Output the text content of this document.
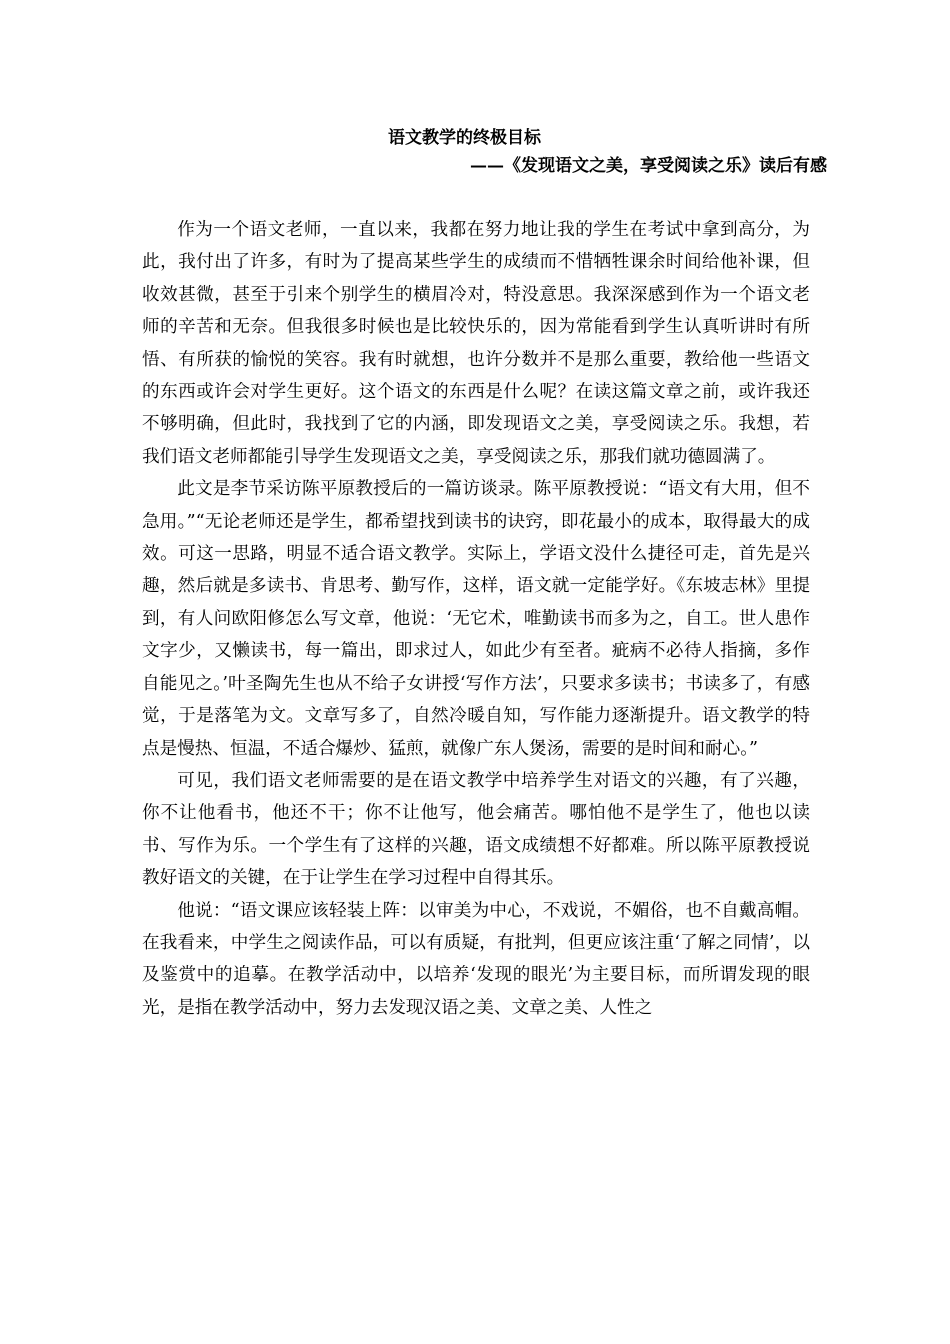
语文教学的终极目标
——《发现语文之美，享受阅读之乐》读后有感

作为一个语文老师，一直以来，我都在努力地让我的学生在考试中拿到高分，为此，我付出了许多，有时为了提高某些学生的成绩而不惜牺牲课余时间给他补课，但收效甚微，甚至于引来个别学生的横眉冷对，特没意思。我深深感到作为一个语文老师的辛苦和无奈。但我很多时候也是比较快乐的，因为常能看到学生认真听讲时有所悟、有所获的愉悦的笑容。我有时就想，也许分数并不是那么重要，教给他一些语文的东西或许会对学生更好。这个语文的东西是什么呢？在读这篇文章之前，或许我还不够明确，但此时，我找到了它的内涵，即发现语文之美，享受阅读之乐。我想，若我们语文老师都能引导学生发现语文之美，享受阅读之乐，那我们就功德圆满了。

此文是李节采访陈平原教授后的一篇访谈录。陈平原教授说：“语文有大用，但不急用。”“无论老师还是学生，都希望找到读书的诀窍，即花最小的成本，取得最大的成效。可这一思路，明显不适合语文教学。实际上，学语文没什么捷径可走，首先是兴趣，然后就是多读书、肯思考、勤写作，这样，语文就一定能学好。《东坡志林》里提到，有人问欧阳修怎么写文章，他说：‘无它术，唯勤读书而多为之，自工。世人患作文字少，又懒读书，每一篇出，即求过人，如此少有至者。疵病不必待人指摘，多作自能见之。’叶圣陶先生也从不给子女讲授‘写作方法’，只要求多读书；书读多了，有感觉，于是落笔为文。文章写多了，自然冷暖自知，写作能力逐渐提升。语文教学的特点是慢热、恒温，不适合爆炒、猛煎，就像广东人煲汤，需要的是时间和耐心。”

可见，我们语文老师需要的是在语文教学中培养学生对语文的兴趣，有了兴趣，你不让他看书，他还不干；你不让他写，他会痛苦。哪怕他不是学生了，他也以读书、写作为乐。一个学生有了这样的兴趣，语文成绩想不好都难。所以陈平原教授说教好语文的关键，在于让学生在学习过程中自得其乐。

他说：“语文课应该轻装上阵：以审美为中心，不戏说，不媚俗，也不自戴高帽。在我看来，中学生之阅读作品，可以有质疑，有批判，但更应该注重‘了解之同情’，以及鉴赏中的追摹。在教学活动中，以培养‘发现的眼光’为主要目标，而所谓发现的眼光，是指在教学活动中，努力去发现汉语之美、文章之美、人性之
